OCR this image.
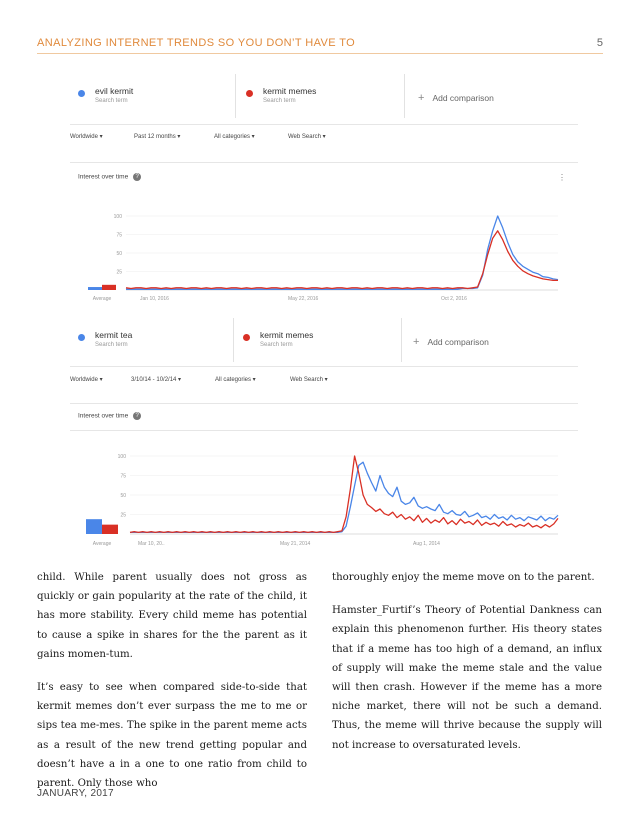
ANALYZING INTERNET TRENDS SO YOU DON’T HAVE TO	5
evil kermit
Search term
kermit memes
Search term	+ Add comparison
Worldwide ▾	Past 12 months ▾	All categories ▾	Web Search ▾
Interest over time ?	⋮
100
75
50
25
Jan 10, 2016	May 22, 2016	Oct 2, 2016
Average
kermit tea
Search term
kermit memes
Search term	+ Add comparison
Worldwide ▾	3/10/14 - 10/2/14 ▾	All categories ▾	Web Search ▾
Interest over time ?
100
75
50
25
Mar 10, 20..	May 21, 2014	Aug 1, 2014
Average

child. While parent usually does not gross as quickly or gain popularity at the rate of the child, it has more stability. Every child meme has potential to cause a spike in shares for the the parent as it gains momen-tum.

It’s easy to see when compared side-to-side that kermit memes don’t ever surpass the me to me or sips tea me-mes. The spike in the parent meme acts as a result of the new trend getting popular and doesn’t have a in a one to one ratio from child to parent. Only those who

thoroughly enjoy the meme move on to the parent.

Hamster_Furtif’s Theory of Potential Dankness can explain this phenomenon further. His theory states that if a meme has too high of a demand, an influx of supply will make the meme stale and the value will then crash. However if the meme has a more niche market, there will not be such a demand. Thus, the meme will thrive because the supply will not increase to oversaturated levels.

JANUARY, 2017
